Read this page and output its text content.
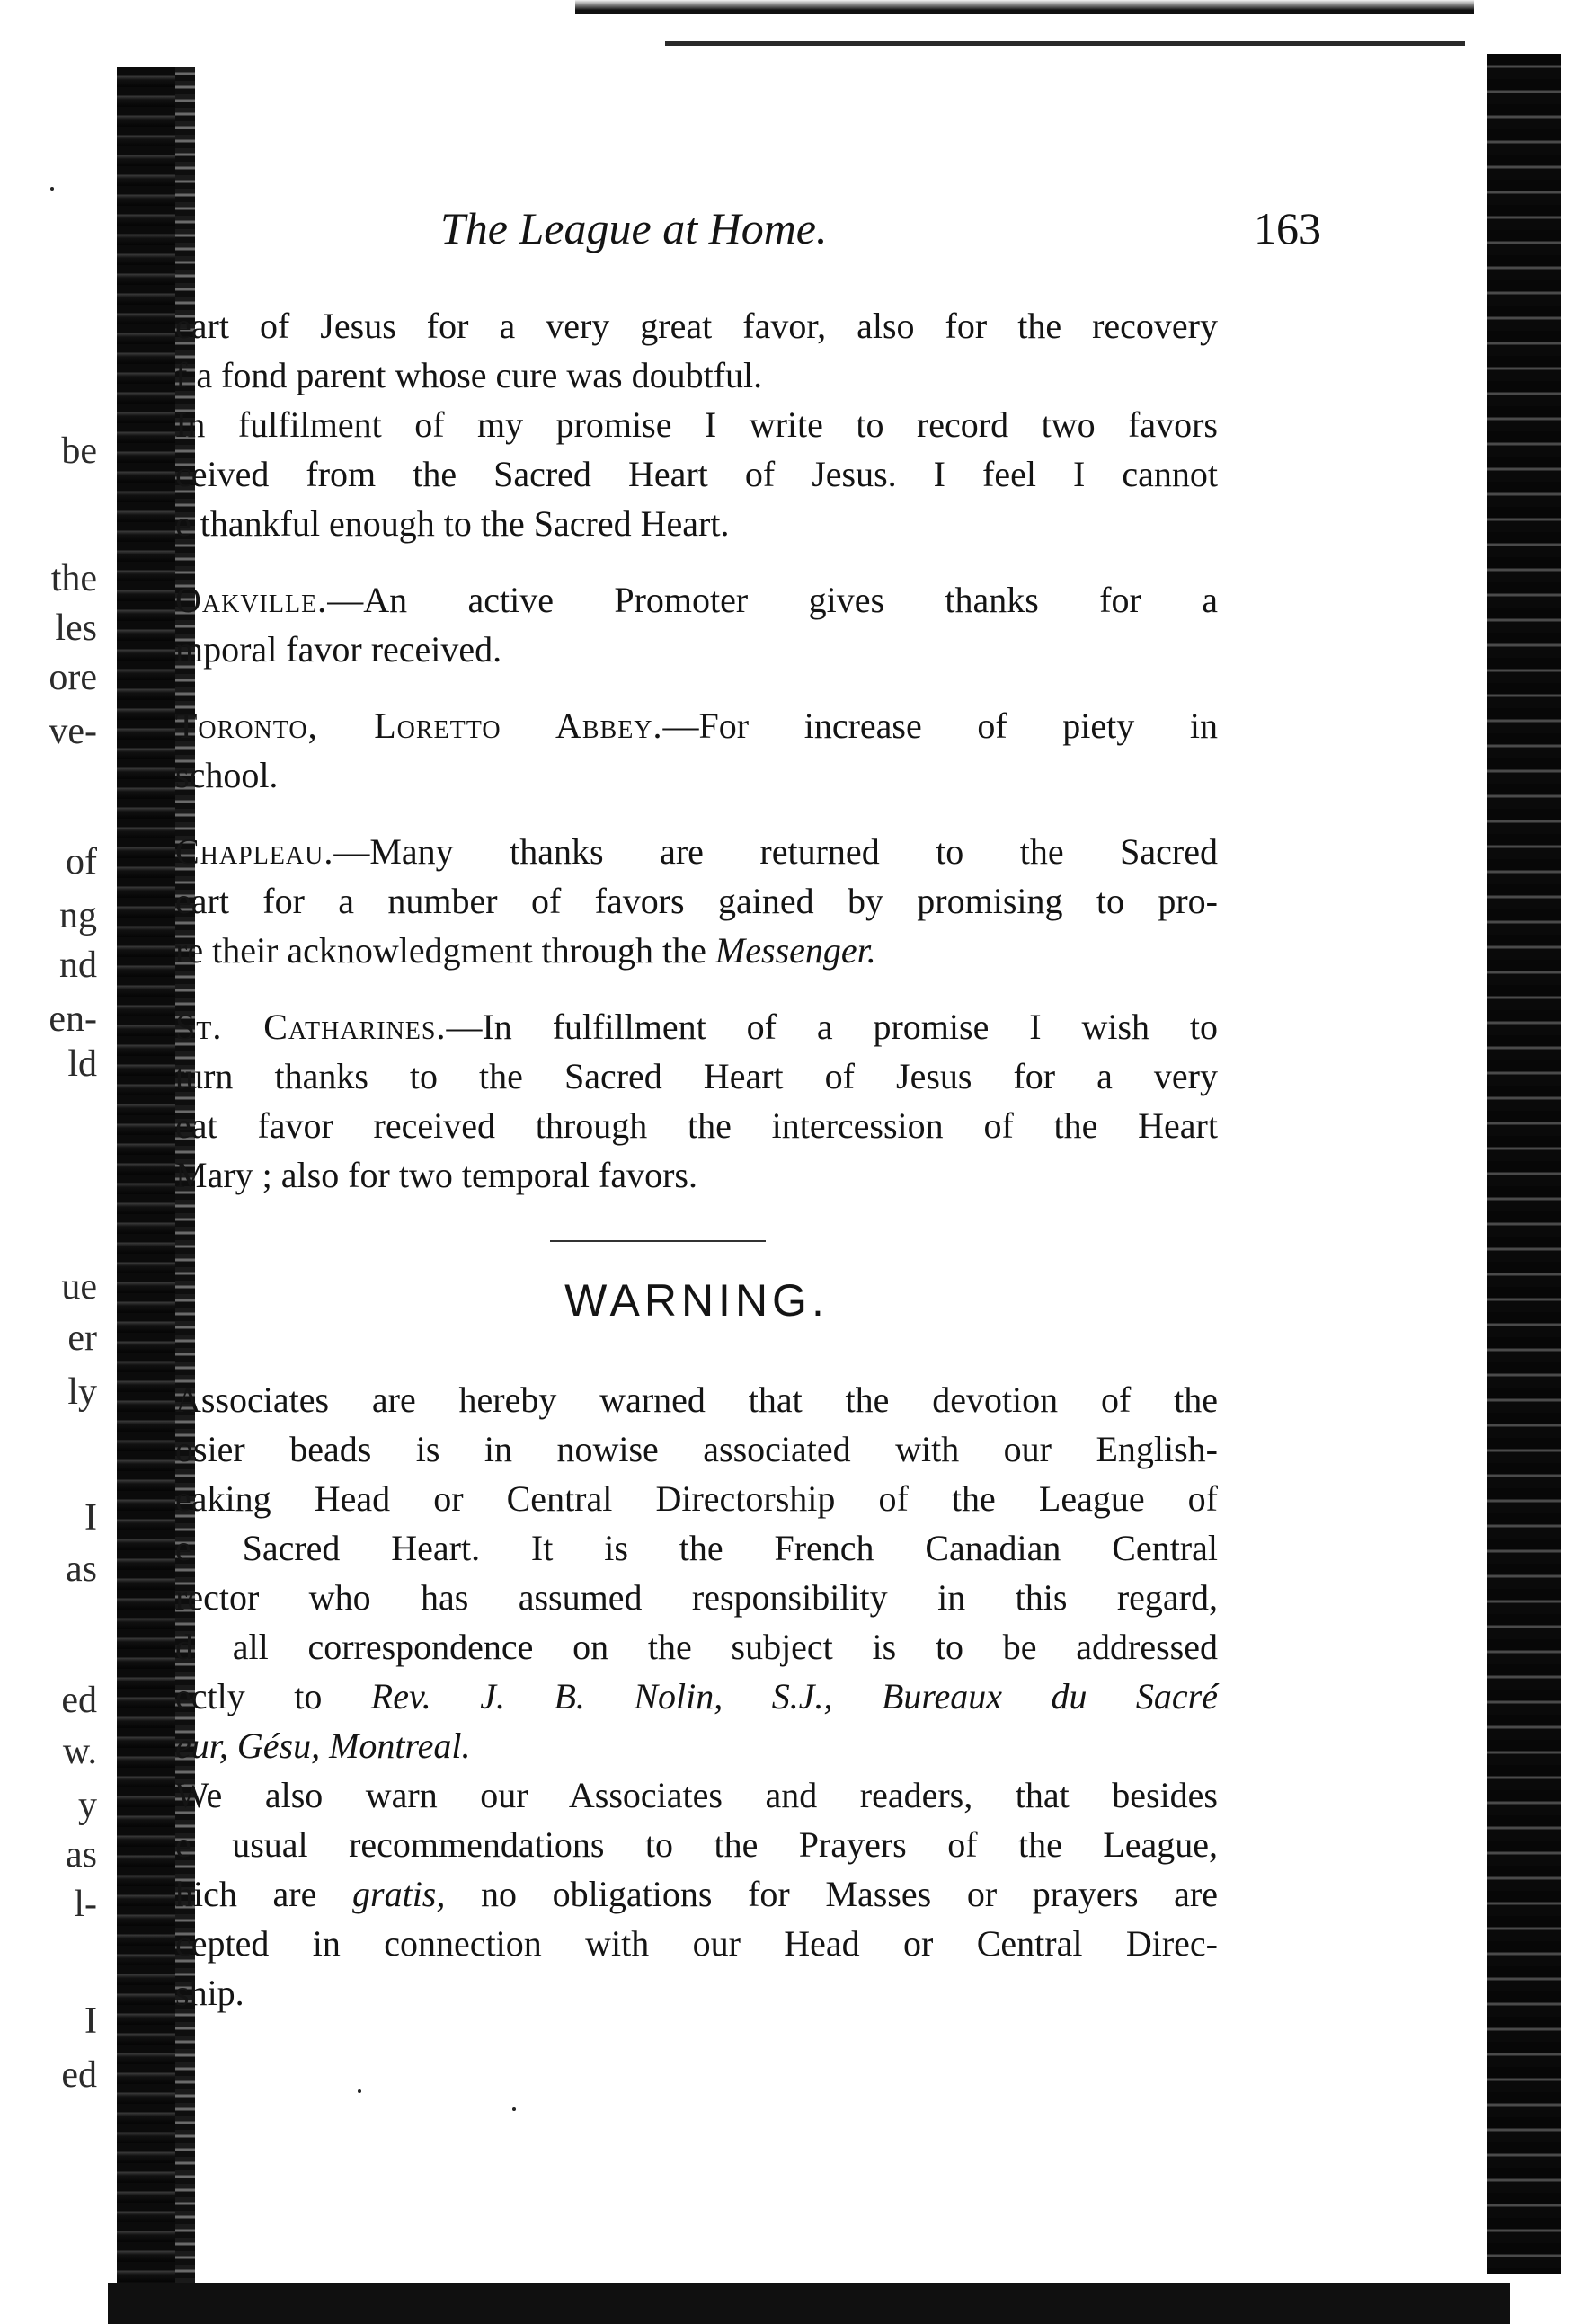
be

the

les

ore

ve-

of

ng

nd

en-

ld

ue

er

ly

I

as

ed

w.

y

as

l-

I

ed

The League at Home.	163

eart of Jesus for a very great favor, also for the recovery
f a fond parent whose cure was doubtful.
In fulfilment of my promise I write to record two favors
ceived from the Sacred Heart of Jesus. I feel I cannot
e thankful enough to the Sacred Heart.
Oakville.—An active Promoter gives thanks for a
mporal favor received.
Toronto, Loretto Abbey.—For increase of piety in
school.
Chapleau.—Many thanks are returned to the Sacred
eart for a number of favors gained by promising to pro-
re their acknowledgment through the Messenger.
St. Catharines.—In fulfillment of a promise I wish to
turn thanks to the Sacred Heart of Jesus for a very
eat favor received through the intercession of the Heart
Mary ; also for two temporal favors.

WARNING.

Associates are hereby warned that the devotion of the
osier beads is in nowise associated with our English-
eaking Head or Central Directorship of the League of
e Sacred Heart. It is the French Canadian Central
rector who has assumed responsibility in this regard,
d all correspondence on the subject is to be addressed
ectly to Rev. J. B. Nolin, S.J., Bureaux du Sacré
eur, Gésu, Montreal.
We also warn our Associates and readers, that besides
e usual recommendations to the Prayers of the League,
hich are gratis, no obligations for Masses or prayers are
cepted in connection with our Head or Central Direc-
ship.
